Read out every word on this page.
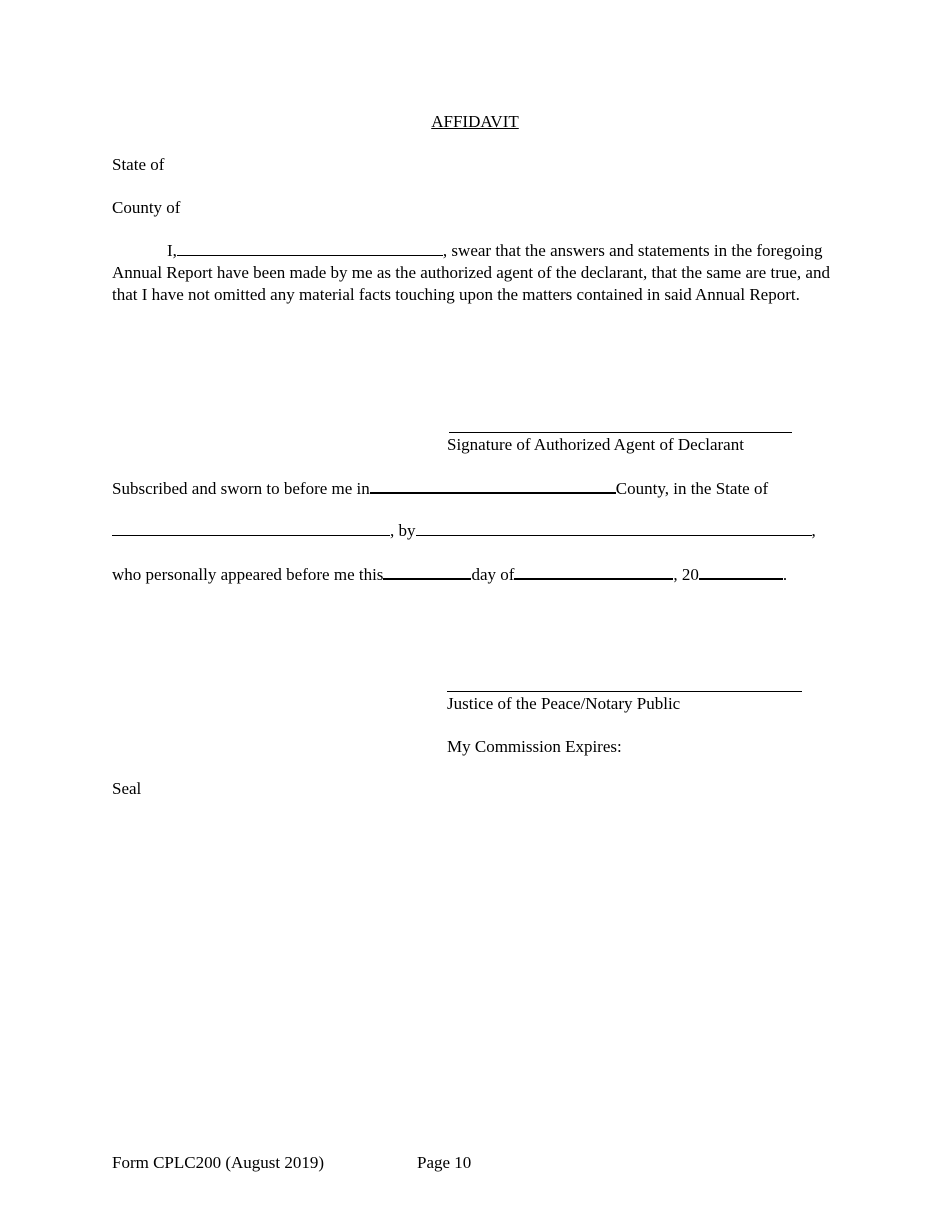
AFFIDAVIT
State of
County of
I,	, swear that the answers and statements in the foregoing Annual Report have been made by me as the authorized agent of the declarant, that the same are true, and that I have not omitted any material facts touching upon the matters contained in said Annual Report.
Signature of Authorized Agent of Declarant
Subscribed and sworn to before me in	County, in the State of
, by	,
who personally appeared before me this	day of	, 20	.
Justice of the Peace/Notary Public
My Commission Expires:
Seal
Form CPLC200 (August 2019)	Page 10
